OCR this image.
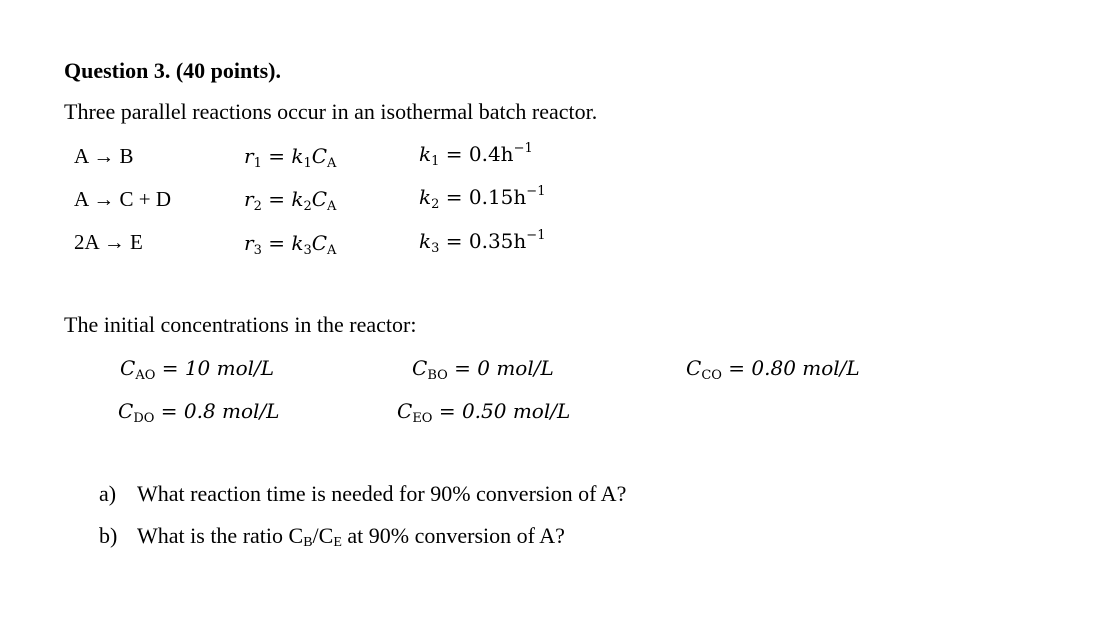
Question 3. (40 points).
Three parallel reactions occur in an isothermal batch reactor.
A → B	$r_1 = k_1C_A$	$k_1 = 0.4h^{-1}$
A → C + D	$r_2 = k_2C_A$	$k_2 = 0.15h^{-1}$
2A → E	$r_3 = k_3C_A$	$k_3 = 0.35h^{-1}$
The initial concentrations in the reactor:
$C_{AO} = 10$ mol/L	$C_{BO} = 0$ mol/L	$C_{CO} = 0.80$ mol/L
$C_{DO} = 0.8$ mol/L	$C_{EO} = 0.50$ mol/L
a) What reaction time is needed for 90% conversion of A?
b) What is the ratio $C_B/C_E$ at 90% conversion of A?
